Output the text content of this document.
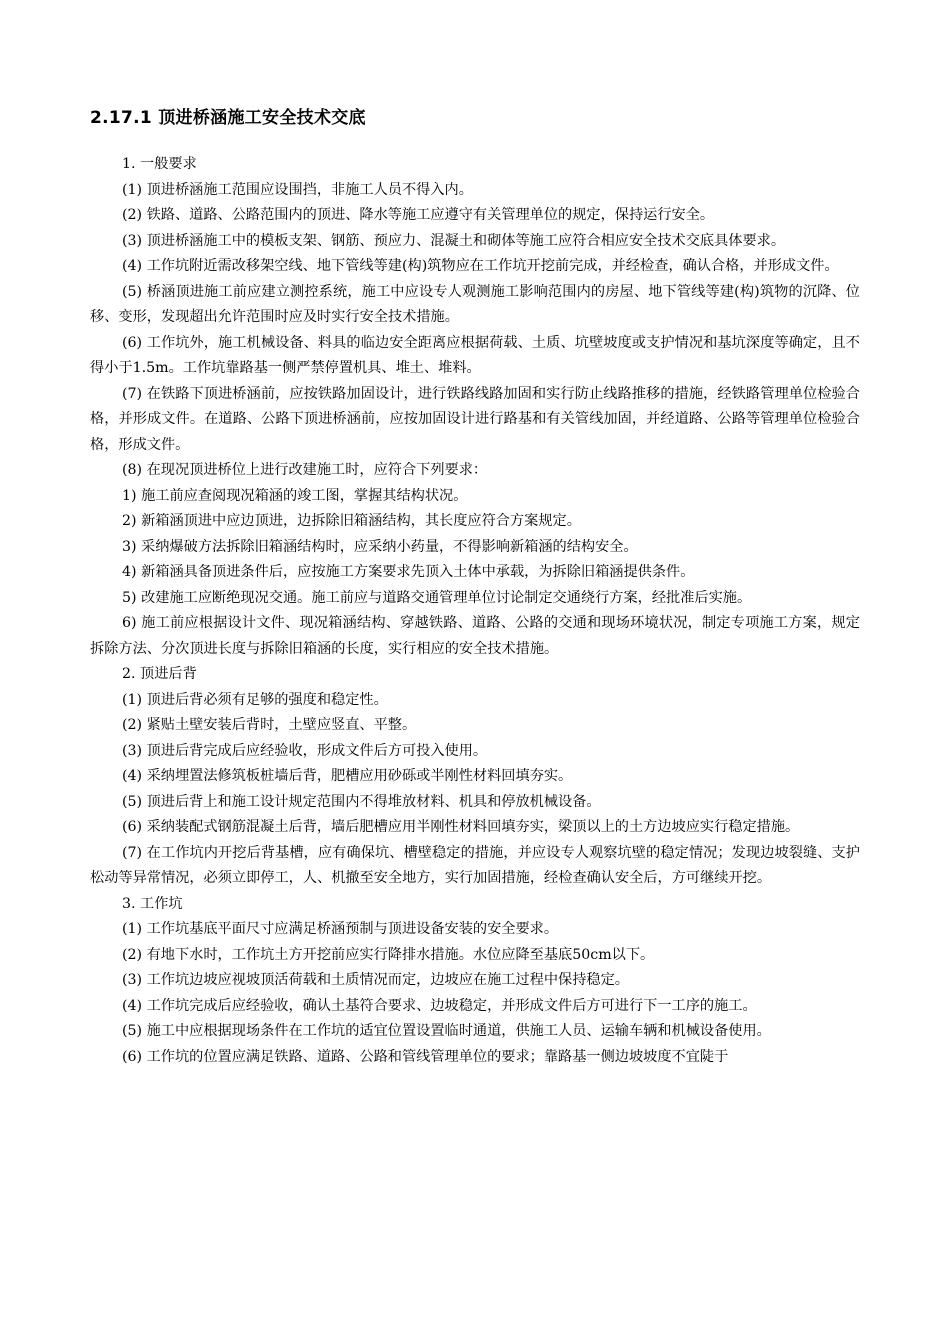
2.17.1 顶进桥涵施工安全技术交底

1. 一般要求

(1) 顶进桥涵施工范围应设围挡，非施工人员不得入内。

(2) 铁路、道路、公路范围内的顶进、降水等施工应遵守有关管理单位的规定，保持运行安全。

(3) 顶进桥涵施工中的模板支架、钢筋、预应力、混凝土和砌体等施工应符合相应安全技术交底具体要求。

(4) 工作坑附近需改移架空线、地下管线等建(构)筑物应在工作坑开挖前完成，并经检查，确认合格，并形成文件。

(5) 桥涵顶进施工前应建立测控系统，施工中应设专人观测施工影响范围内的房屋、地下管线等建(构)筑物的沉降、位移、变形，发现超出允许范围时应及时实行安全技术措施。

(6) 工作坑外，施工机械设备、料具的临边安全距离应根据荷载、土质、坑壁坡度或支护情况和基坑深度等确定，且不得小于1.5m。工作坑靠路基一侧严禁停置机具、堆土、堆料。

(7) 在铁路下顶进桥涵前，应按铁路加固设计，进行铁路线路加固和实行防止线路推移的措施，经铁路管理单位检验合格，并形成文件。在道路、公路下顶进桥涵前，应按加固设计进行路基和有关管线加固，并经道路、公路等管理单位检验合格，形成文件。

(8) 在现况顶进桥位上进行改建施工时，应符合下列要求：

1) 施工前应查阅现况箱涵的竣工图，掌握其结构状况。

2) 新箱涵顶进中应边顶进，边拆除旧箱涵结构，其长度应符合方案规定。

3) 采纳爆破方法拆除旧箱涵结构时，应采纳小药量，不得影响新箱涵的结构安全。

4) 新箱涵具备顶进条件后，应按施工方案要求先顶入土体中承载，为拆除旧箱涵提供条件。

5) 改建施工应断绝现况交通。施工前应与道路交通管理单位讨论制定交通绕行方案，经批准后实施。

6) 施工前应根据设计文件、现况箱涵结构、穿越铁路、道路、公路的交通和现场环境状况，制定专项施工方案，规定拆除方法、分次顶进长度与拆除旧箱涵的长度，实行相应的安全技术措施。

2. 顶进后背

(1) 顶进后背必须有足够的强度和稳定性。

(2) 紧贴土壁安装后背时，土壁应竖直、平整。

(3) 顶进后背完成后应经验收，形成文件后方可投入使用。

(4) 采纳埋置法修筑板桩墙后背，肥槽应用砂砾或半刚性材料回填夯实。

(5) 顶进后背上和施工设计规定范围内不得堆放材料、机具和停放机械设备。

(6) 采纳装配式钢筋混凝土后背，墙后肥槽应用半刚性材料回填夯实，梁顶以上的土方边坡应实行稳定措施。

(7) 在工作坑内开挖后背基槽，应有确保坑、槽壁稳定的措施，并应设专人观察坑壁的稳定情况；发现边坡裂缝、支护松动等异常情况，必须立即停工，人、机撤至安全地方，实行加固措施，经检查确认安全后，方可继续开挖。

3. 工作坑

(1) 工作坑基底平面尺寸应满足桥涵预制与顶进设备安装的安全要求。

(2) 有地下水时，工作坑土方开挖前应实行降排水措施。水位应降至基底50cm以下。

(3) 工作坑边坡应视坡顶活荷载和土质情况而定，边坡应在施工过程中保持稳定。

(4) 工作坑完成后应经验收，确认土基符合要求、边坡稳定，并形成文件后方可进行下一工序的施工。

(5) 施工中应根据现场条件在工作坑的适宜位置设置临时通道，供施工人员、运输车辆和机械设备使用。

(6) 工作坑的位置应满足铁路、道路、公路和管线管理单位的要求；靠路基一侧边坡坡度不宜陡于
